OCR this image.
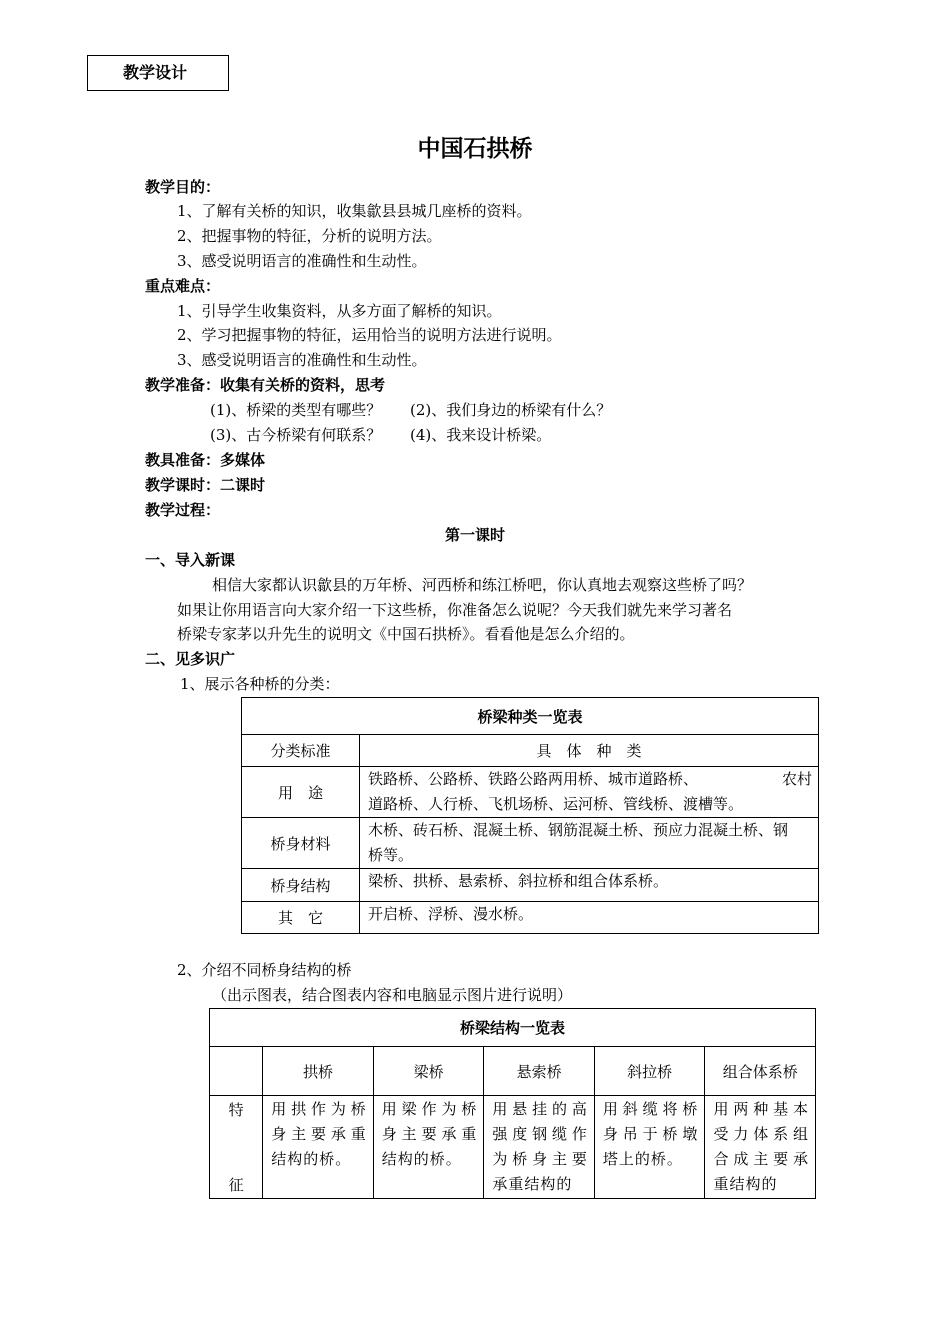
教学设计
中国石拱桥
教学目的：
1、了解有关桥的知识，收集歙县县城几座桥的资料。
2、把握事物的特征，分析的说明方法。
3、感受说明语言的准确性和生动性。
重点难点：
1、引导学生收集资料，从多方面了解桥的知识。
2、学习把握事物的特征，运用恰当的说明方法进行说明。
3、感受说明语言的准确性和生动性。
教学准备：收集有关桥的资料，思考
(1)、桥梁的类型有哪些？ (2)、我们身边的桥梁有什么？
(3)、古今桥梁有何联系？ (4)、我来设计桥梁。
教具准备：多媒体
教学课时：二课时
教学过程：
第一课时
一、导入新课
相信大家都认识歙县的万年桥、河西桥和练江桥吧，你认真地去观察这些桥了吗？
如果让你用语言向大家介绍一下这些桥，你准备怎么说呢？今天我们就先来学习著名
桥梁专家茅以升先生的说明文《中国石拱桥》。看看他是怎么介绍的。
二、见多识广
1、展示各种桥的分类：
桥梁种类一览表	
分类标准	具　体　种　类
用　途	铁路桥、公路桥、铁路公路两用桥、城市道路桥、 农村
道路桥、人行桥、飞机场桥、运河桥、管线桥、渡槽等。

桥身材料	木桥、砖石桥、混凝土桥、钢筋混凝土桥、预应力混凝土桥、钢
桥等。

桥身结构	梁桥、拱桥、悬索桥、斜拉桥和组合体系桥。
其　它	开启桥、浮桥、漫水桥。
2、介绍不同桥身结构的桥
（出示图表，结合图表内容和电脑显示图片进行说明）
桥梁结构一览表					
	拱桥	梁桥	悬索桥	斜拉桥	组合体系桥

特
征	用拱作为桥身主要承重结构的桥。	用梁作为桥身主要承重结构的桥。	用悬挂的高强度钢缆作为桥身主要承重结构的	用斜缆将桥身吊于桥墩塔上的桥。	用两种基本受力体系组合成主要承重结构的
